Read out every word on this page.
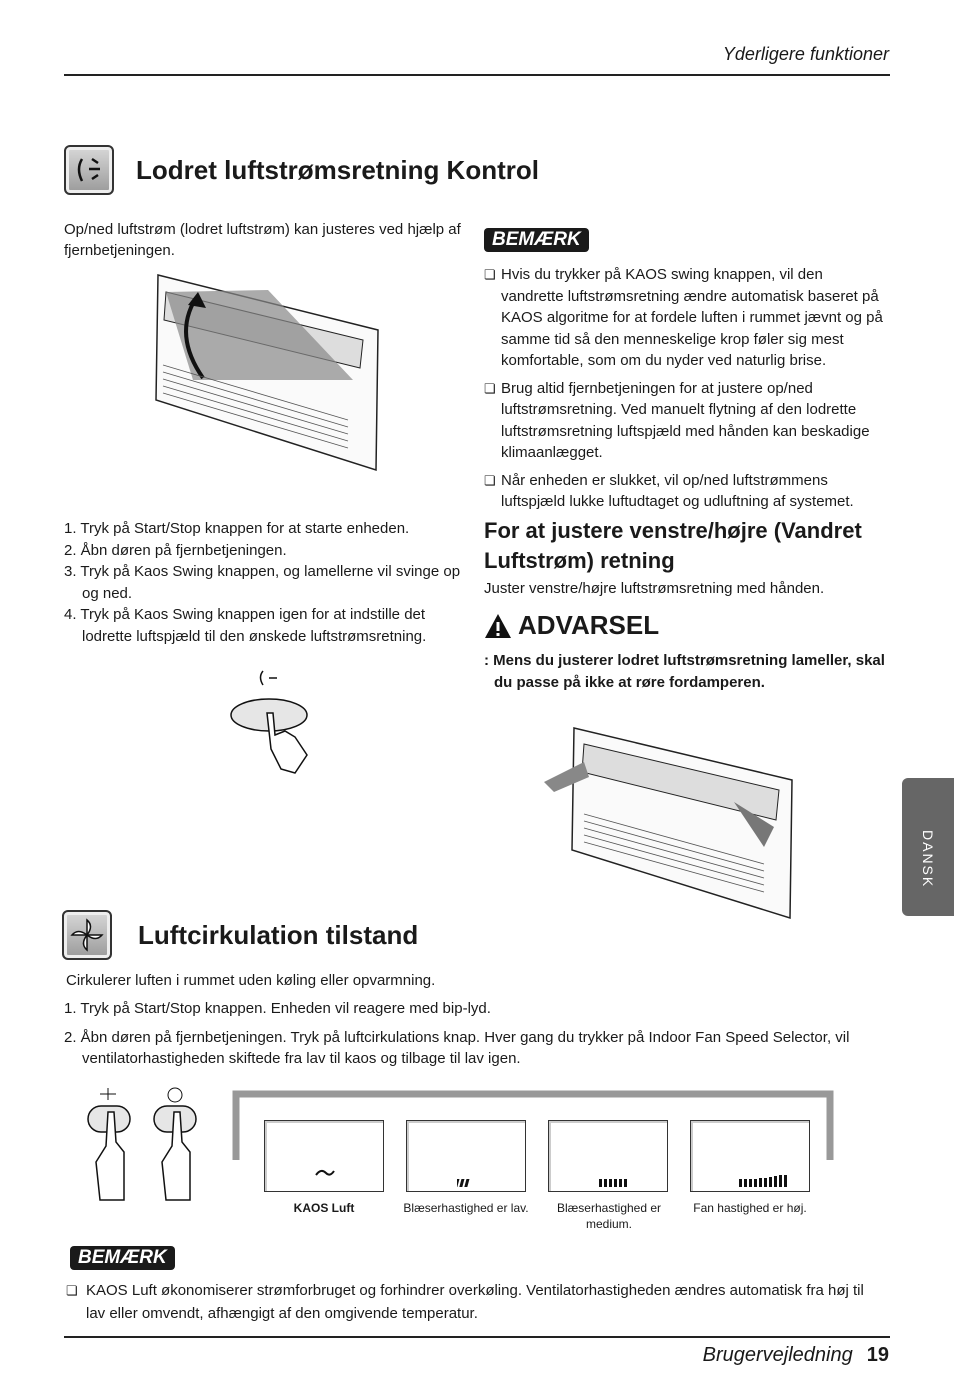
Yderligere funktioner
Lodret luftstrømsretning Kontrol
Op/ned luftstrøm (lodret luftstrøm) kan justeres ved hjælp af fjernbetjeningen.
1. Tryk på Start/Stop knappen for at starte enheden.
2. Åbn døren på fjernbetjeningen.
3. Tryk på Kaos Swing knappen, og lamellerne vil svinge op og ned.
4. Tryk på Kaos Swing knappen igen for at indstille det lodrette luftspjæld til den ønskede luftstrømsretning.
BEMÆRK
❏ Hvis du trykker på KAOS swing knappen, vil den vandrette luftstrømsretning ændre automatisk baseret på KAOS algoritme for at fordele luften i rummet jævnt og på samme tid så den menneskelige krop føler sig mest komfortable, som om du nyder ved naturlig brise.
❏ Brug altid fjernbetjeningen for at justere op/ned luftstrømsretning. Ved manuelt flytning af den lodrette luftstrømsretning luftspjæld med hånden kan beskadige klimaanlægget.
❏ Når enheden er slukket, vil op/ned luftstrømmens luftspjæld lukke luftudtaget og udluftning af systemet.
For at justere venstre/højre (Vandret Luftstrøm) retning
Juster venstre/højre luftstrømsretning med hånden.
ADVARSEL
: Mens du justerer lodret luftstrømsretning lameller, skal du passe på ikke at røre fordamperen.
DANSK
Luftcirkulation tilstand
Cirkulerer luften i rummet uden køling eller opvarmning.
1. Tryk på Start/Stop knappen. Enheden vil reagere med bip-lyd.
2. Åbn døren på fjernbetjeningen. Tryk på luftcirkulations knap. Hver gang du trykker på Indoor Fan Speed Selector, vil ventilatorhastigheden skiftede fra lav til kaos og tilbage til lav igen.
KAOS Luft	Blæserhastighed er lav. Blæserhastighed er medium.
Fan hastighed er høj.
BEMÆRK
❏ KAOS Luft økonomiserer strømforbruget og forhindrer overkøling. Ventilatorhastigheden ændres automatisk fra høj til lav eller omvendt, afhængigt af den omgivende temperatur.
Brugervejledning 19
